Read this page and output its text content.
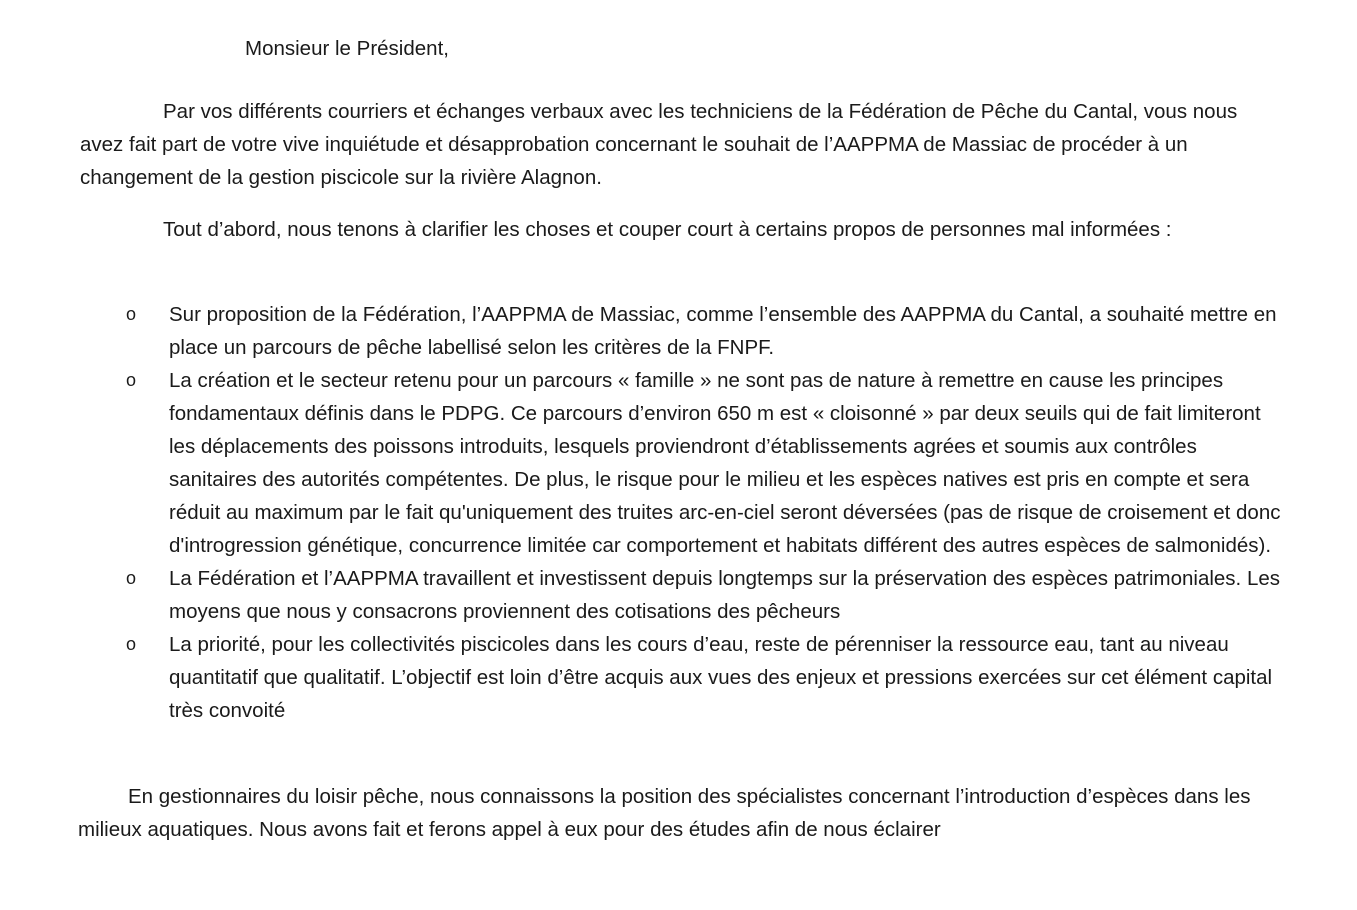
Monsieur le Président,

Par vos différents courriers et échanges verbaux avec les techniciens de la Fédération de Pêche du Cantal, vous nous avez fait part de votre vive inquiétude et désapprobation concernant le souhait de l’AAPPMA de Massiac de procéder à un changement de la gestion piscicole sur la rivière Alagnon.

Tout d’abord, nous tenons à clarifier les choses et couper court à certains propos de personnes mal informées :

o Sur proposition de la Fédération, l’AAPPMA de Massiac, comme l’ensemble des AAPPMA du Cantal, a souhaité mettre en place un parcours de pêche labellisé selon les critères de la FNPF.
o La création et le secteur retenu pour un parcours « famille » ne sont pas de nature à remettre en cause les principes fondamentaux définis dans le PDPG. Ce parcours d’environ 650 m est « cloisonné » par deux seuils qui de fait limiteront les déplacements des poissons introduits, lesquels proviendront d’établissements agrées et soumis aux contrôles sanitaires des autorités compétentes. De plus, le risque pour le milieu et les espèces natives est pris en compte et sera réduit au maximum par le fait qu'uniquement des truites arc-en-ciel seront déversées (pas de risque de croisement et donc d'introgression génétique, concurrence limitée car comportement et habitats différent des autres espèces de salmonidés).
o La Fédération et l’AAPPMA travaillent et investissent depuis longtemps sur la préservation des espèces patrimoniales. Les moyens que nous y consacrons proviennent des cotisations des pêcheurs
o La priorité, pour les collectivités piscicoles dans les cours d’eau, reste de pérenniser la ressource eau, tant au niveau quantitatif que qualitatif. L’objectif est loin d’être acquis aux vues des enjeux et pressions exercées sur cet élément capital très convoité

En gestionnaires du loisir pêche, nous connaissons la position des spécialistes concernant l’introduction d’espèces dans les milieux aquatiques. Nous avons fait et ferons appel à eux pour des études afin de nous éclairer
